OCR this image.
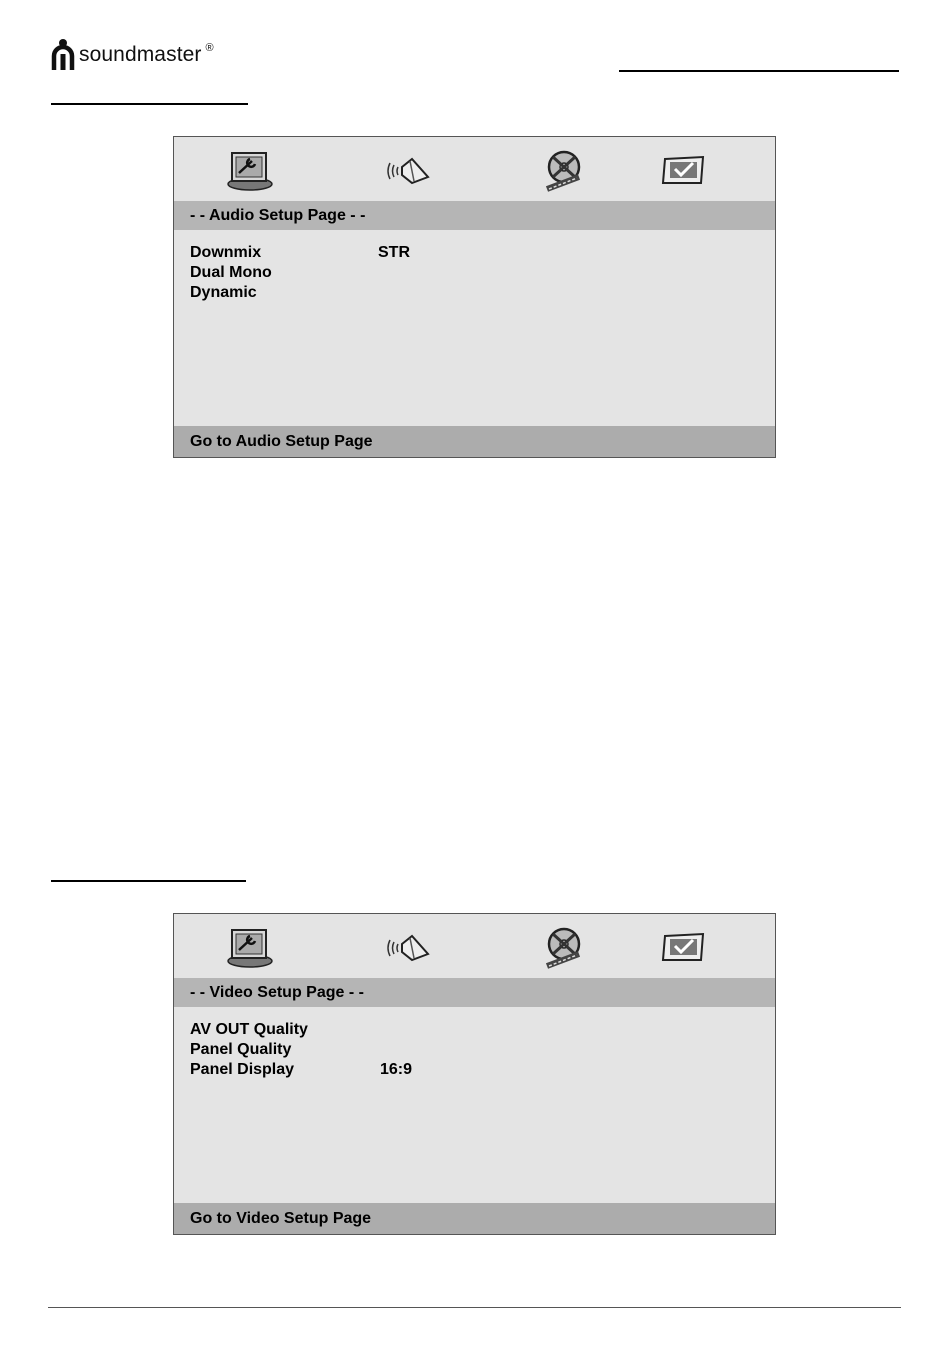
soundmaster ®
- - Audio Setup Page - -
Downmix	STR
Dual Mono
Dynamic
Go to Audio Setup Page
- - Video Setup Page - -
AV OUT Quality
Panel Quality
Panel Display	16:9
Go to Video Setup Page
